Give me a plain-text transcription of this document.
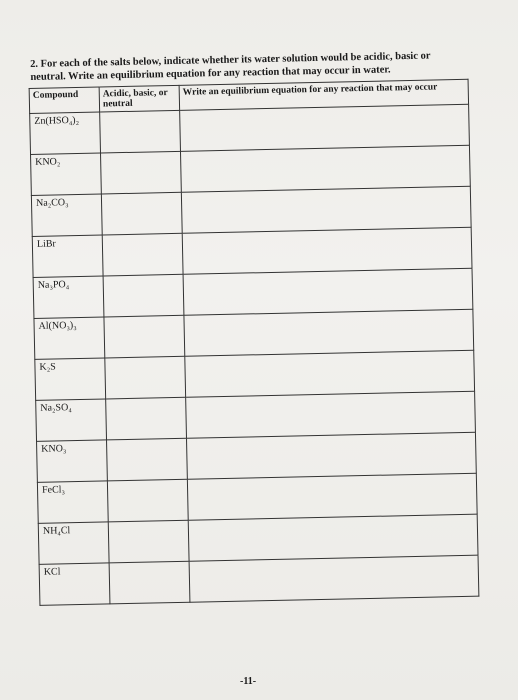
2. For each of the salts below, indicate whether its water solution would be acidic, basic or
neutral. Write an equilibrium equation for any reaction that may occur in water.
Compound	Acidic, basic, or neutral	Write an equilibrium equation for any reaction that may occur
Zn(HSO₄)₂		
KNO₂		
Na₂CO₃		
LiBr		
Na₃PO₄		
Al(NO₃)₃		
K₂S		
Na₂SO₄		
KNO₃		
FeCl₃		
NH₄Cl		
KCl		
-11-
